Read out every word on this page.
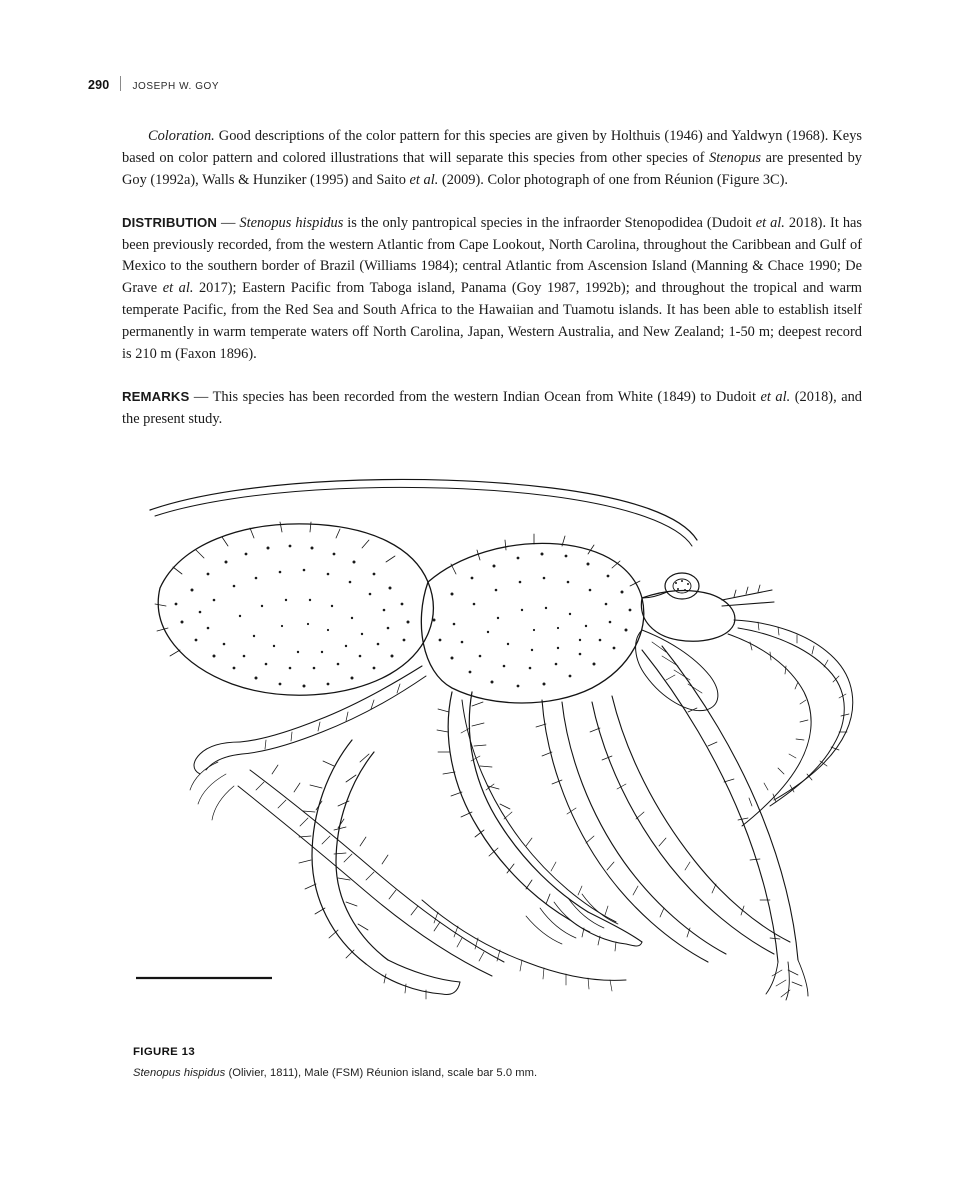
290 JOSEPH W. GOY

Coloration. Good descriptions of the color pattern for this species are given by Holthuis (1946) and Yaldwyn (1968). Keys based on color pattern and colored illustrations that will separate this species from other species of Stenopus are presented by Goy (1992a), Walls & Hunziker (1995) and Saito et al. (2009). Color photograph of one from Réunion (Figure 3C).

DISTRIBUTION — Stenopus hispidus is the only pantropical species in the infraorder Stenopodidea (Dudoit et al. 2018). It has been previously recorded, from the western Atlantic from Cape Lookout, North Carolina, throughout the Caribbean and Gulf of Mexico to the southern border of Brazil (Williams 1984); central Atlantic from Ascension Island (Manning & Chace 1990; De Grave et al. 2017); Eastern Pacific from Taboga island, Panama (Goy 1987, 1992b); and throughout the tropical and warm temperate Pacific, from the Red Sea and South Africa to the Hawaiian and Tuamotu islands. It has been able to establish itself permanently in warm temperate waters off North Carolina, Japan, Western Australia, and New Zealand; 1-50 m; deepest record is 210 m (Faxon 1896).

REMARKS — This species has been recorded from the western Indian Ocean from White (1849) to Dudoit et al. (2018), and the present study.

FIGURE 13
Stenopus hispidus (Olivier, 1811), Male (FSM) Réunion island, scale bar 5.0 mm.
